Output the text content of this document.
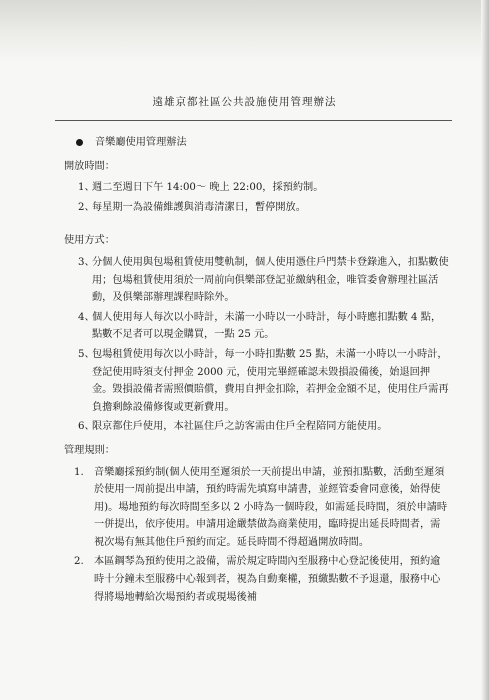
遠雄京都社區公共設施使用管理辦法
音樂廳使用管理辦法
開放時間：
1、
週二至週日下午 14:00～ 晚上 22:00，採預約制。
2、
每星期一為設備維護與消毒清潔日，暫停開放。
使用方式：
3、
分個人使用與包場租賃使用雙軌制，個人使用憑住戶門禁卡登錄進入，扣點數使用；包場租賃使用須於一周前向俱樂部登記並繳納租金，唯管委會辦理社區活動，及俱樂部辦理課程時除外。
4、
個人使用每人每次以小時計，未滿一小時以一小時計，每小時應扣點數 4 點，點數不足者可以現金購買，一點 25 元。
5、
包場租賃使用每次以小時計，每一小時扣點數 25 點，未滿一小時以一小時計，登記使用時須支付押金 2000 元，使用完畢經確認未毀損設備後，始退回押金。毀損設備者需照價賠償，費用自押金扣除，若押金金額不足，使用住戶需再負擔剩餘設備修復或更新費用。
6、
限京都住戶使用，本社區住戶之訪客需由住戶全程陪同方能使用。
管理規則：
1.	音樂廳採預約制(個人使用至遲須於一天前提出申請，並預扣點數，活動至遲須於使用一周前提出申請，預約時需先填寫申請書，並經管委會同意後，始得使用)。場地預約每次時間至多以 2 小時為一個時段，如需延長時間，須於申請時一併提出，依序使用。申請用途嚴禁做為商業使用，臨時提出延長時間者，需視次場有無其他住戶預約而定。延長時間不得超過開放時間。
2.	本區鋼琴為預約使用之設備，需於規定時間內至服務中心登記後使用，預約逾時十分鐘未至服務中心報到者，視為自動棄權，預繳點數不予退還，服務中心得將場地轉給次場預約者或現場後補
